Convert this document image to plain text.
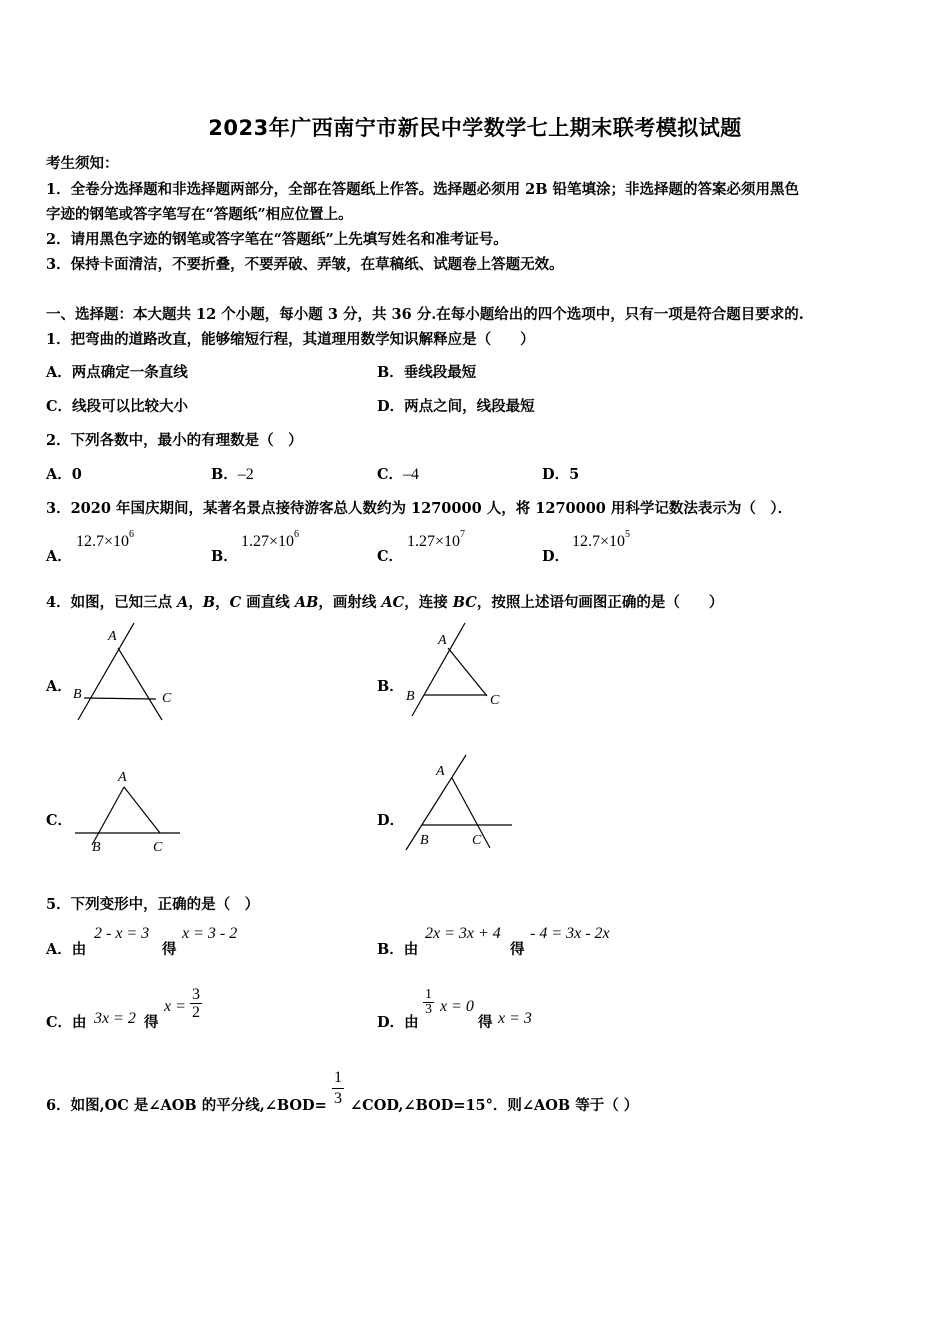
2023年广西南宁市新民中学数学七上期末联考模拟试题
考生须知：
1．全卷分选择题和非选择题两部分，全部在答题纸上作答。选择题必须用 2B 铅笔填涂；非选择题的答案必须用黑色
字迹的钢笔或答字笔写在“答题纸”相应位置上。
2．请用黑色字迹的钢笔或答字笔在“答题纸”上先填写姓名和准考证号。
3．保持卡面清洁，不要折叠，不要弄破、弄皱，在草稿纸、试题卷上答题无效。
一、选择题：本大题共 12 个小题，每小题 3 分，共 36 分.在每小题给出的四个选项中，只有一项是符合题目要求的.
1．把弯曲的道路改直，能够缩短行程，其道理用数学知识解释应是（　　）
A．两点确定一条直线	B．垂线段最短
C．线段可以比较大小	D．两点之间，线段最短
2．下列各数中，最小的有理数是（　）
A．0	B．–2	C．–4	D．5
3．2020 年国庆期间，某著名景点接待游客总人数约为 1270000 人，将 1270000 用科学记数法表示为（　）．
A．
$12.7\times 10^6$
B．
$1.27\times 10^6$
C．
$1.27\times 10^7$
D．
$12.7\times 10^5$
4．如图，已知三点 A，B，C 画直线 AB，画射线 AC，连接 BC，按照上述语句画图正确的是（　　）
A．
A
B	C
B．
A
B	C
C．
A
B	C
D．
A
B	C
5．下列变形中，正确的是（　）
A．由
2 - x = 3
得
x = 3 - 2
B．由
2x = 3x + 4
得
- 4 = 3x - 2x
C．由 3x = 2 得
$x = \frac{3}{2}$
D．由
$\frac{1}{3}$ x = 0
得 x = 3
6．如图,OC 是∠AOB 的平分线,∠BOD= $\frac{1}{3}$ ∠COD,∠BOD=15°．则∠AOB 等于（ ）
